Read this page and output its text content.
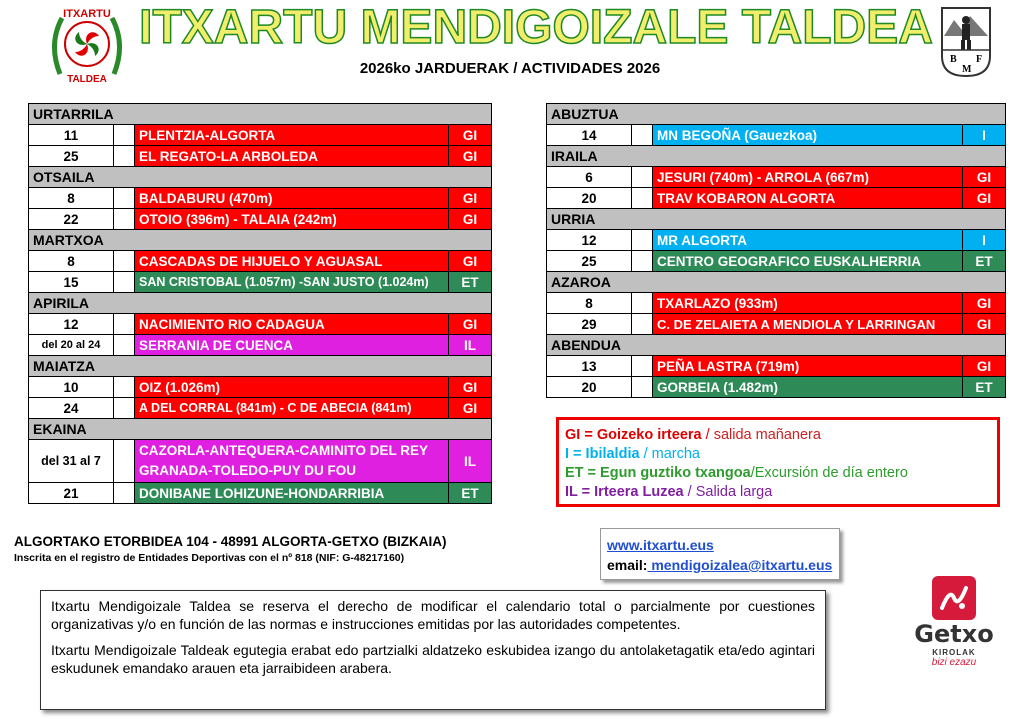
ITXARTU
TALDEA
ITXARTU MENDIGOIZALE TALDEA
2026ko JARDUERAK / ACTIVIDADES 2026
B
M
F
URTARRILA			
11		PLENTZIA-ALGORTA	GI
25		EL REGATO-LA ARBOLEDA	GI
OTSAILA			
8		BALDABURU (470m)	GI
22		OTOIO (396m) - TALAIA (242m)	GI
MARTXOA			
8		CASCADAS DE HIJUELO Y AGUASAL	GI
15		SAN CRISTOBAL (1.057m) -SAN JUSTO (1.024m)	ET
APIRILA			
12		NACIMIENTO RIO CADAGUA	GI
del 20 al 24		SERRANIA DE CUENCA	IL
MAIATZA			
10		OIZ (1.026m)	GI
24		A DEL CORRAL (841m) - C DE ABECIA (841m)	GI
EKAINA			
del 31 al 7		CAZORLA-ANTEQUERA-CAMINITO DEL REY
GRANADA-TOLEDO-PUY DU FOU	IL
21		DONIBANE LOHIZUNE-HONDARRIBIA	ET
ABUZTUA			
14		MN BEGOÑA (Gauezkoa)	I
IRAILA			
6		JESURI (740m) - ARROLA (667m)	GI
20		TRAV KOBARON ALGORTA	GI
URRIA			
12		MR ALGORTA	I
25		CENTRO GEOGRAFICO EUSKALHERRIA	ET
AZAROA			
8		TXARLAZO (933m)	GI
29		C. DE ZELAIETA A MENDIOLA Y LARRINGAN	GI
ABENDUA			
13		PEÑA LASTRA (719m)	GI
20		GORBEIA (1.482m)	ET
GI = Goizeko irteera / salida mañanera
I = Ibilaldia / marcha
ET = Egun guztiko txangoa/Excursión de día entero
IL = Irteera Luzea / Salida larga
ALGORTAKO ETORBIDEA 104 - 48991 ALGORTA-GETXO (BIZKAIA)
Inscrita en el registro de Entidades Deportivas con el nº 818 (NIF: G-48217160)
www.itxartu.eus
email: mendigoizalea@itxartu.eus

Itxartu Mendigoizale Taldea se reserva el derecho de modificar el calendario total o parcialmente por cuestiones organizativas y/o en función de las normas e instrucciones emitidas por las autoridades competentes.

Itxartu Mendigoizale Taldeak egutegia erabat edo partzialki aldatzeko eskubidea izango du antolaketagatik eta/edo agintari eskudunek emandako arauen eta jarraibideen arabera.

Getxo
KIROLAK
bizi ezazu
